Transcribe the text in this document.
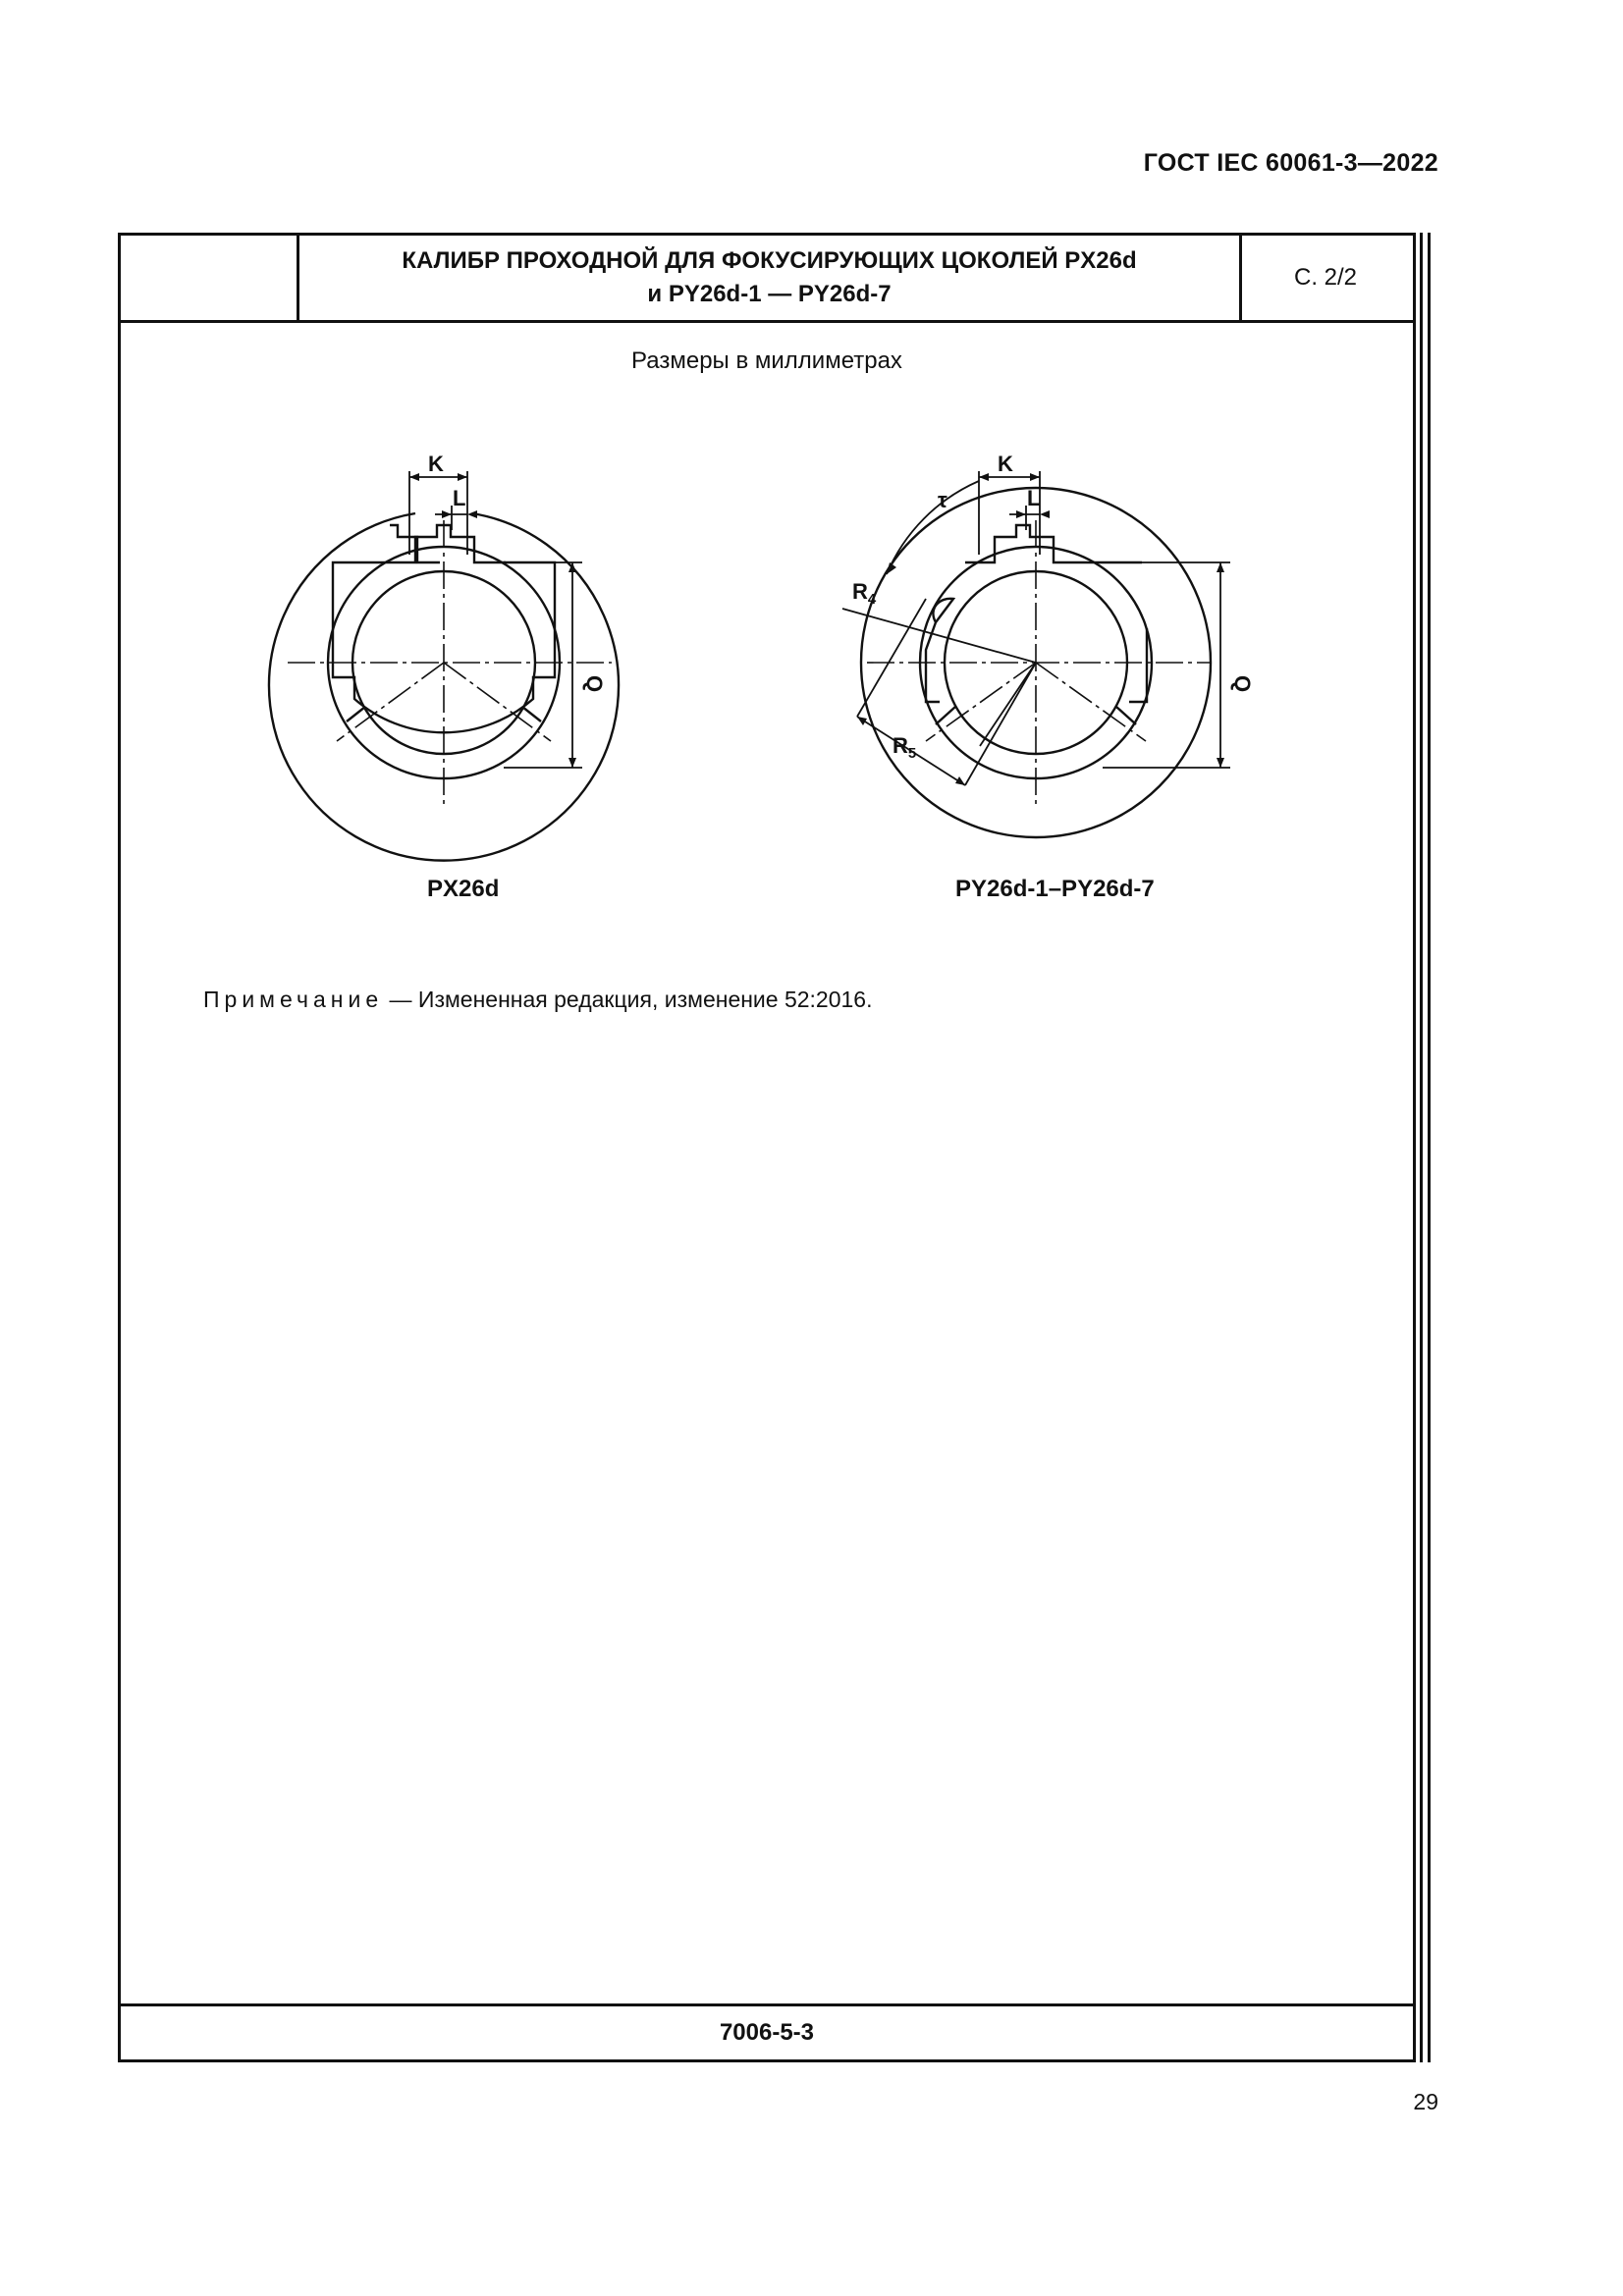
ГОСТ IEC 60061-3—2022
КАЛИБР ПРОХОДНОЙ ДЛЯ ФОКУСИРУЮЩИХ ЦОКОЛЕЙ PX26d
и PY26d-1 — PY26d-7
С. 2/2
Размеры в миллиметрах
K
L
Q
PX26d
K
L
τ
$R_4$
$R_5$
Q
PY26d-1–PY26d-7
Примечание — Измененная редакция, изменение 52:2016.
7006-5-3
29
